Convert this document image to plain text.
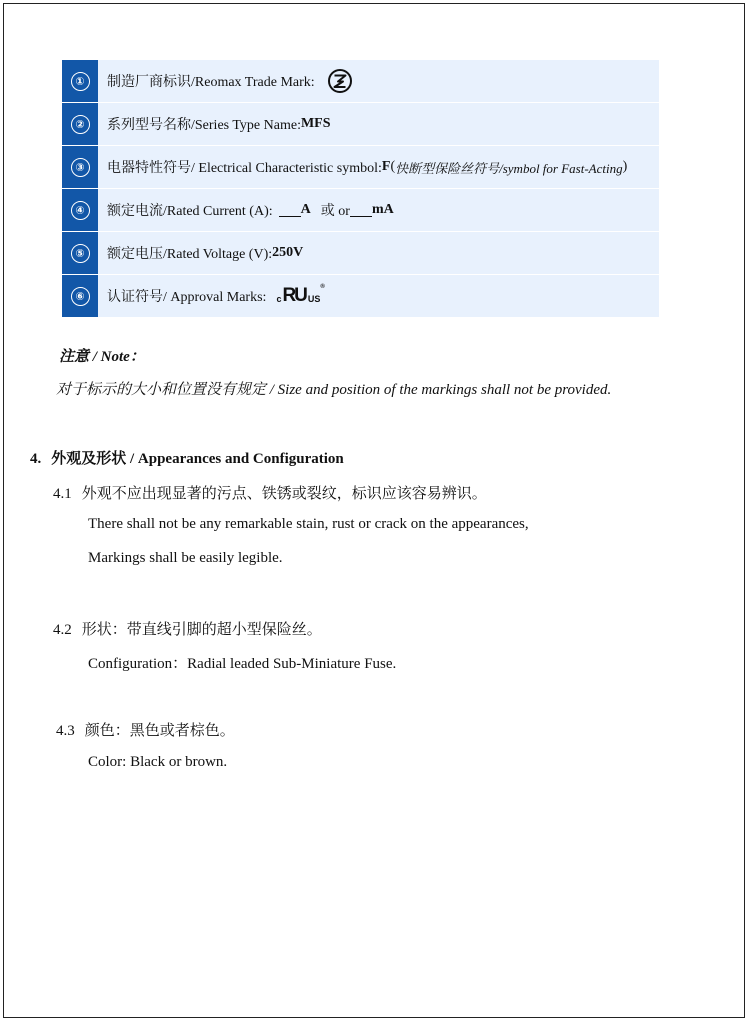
①	制造厂商标识/Reomax Trade Mark:
②	系列型号名称/Series Type Name: MFS
③	电器特性符号/ Electrical Characteristic symbol: F ( 快断型保险丝符号/symbol for Fast-Acting )
④	额定电流/Rated Current (A): A 或 or mA
⑤	额定电压/Rated Voltage (V): 250V
⑥	认证符号/ Approval Marks: c RU US
®
注意 / Note：
对于标示的大小和位置没有规定 / Size and position of the markings shall not be provided.
4. 外观及形状 / Appearances and Configuration
4.1 外观不应出现显著的污点、铁锈或裂纹，标识应该容易辨识。
There shall not be any remarkable stain, rust or crack on the appearances,
Markings shall be easily legible.
4.2 形状：带直线引脚的超小型保险丝。
Configuration：Radial leaded Sub-Miniature Fuse.
4.3 颜色：黑色或者棕色。
Color: Black or brown.
